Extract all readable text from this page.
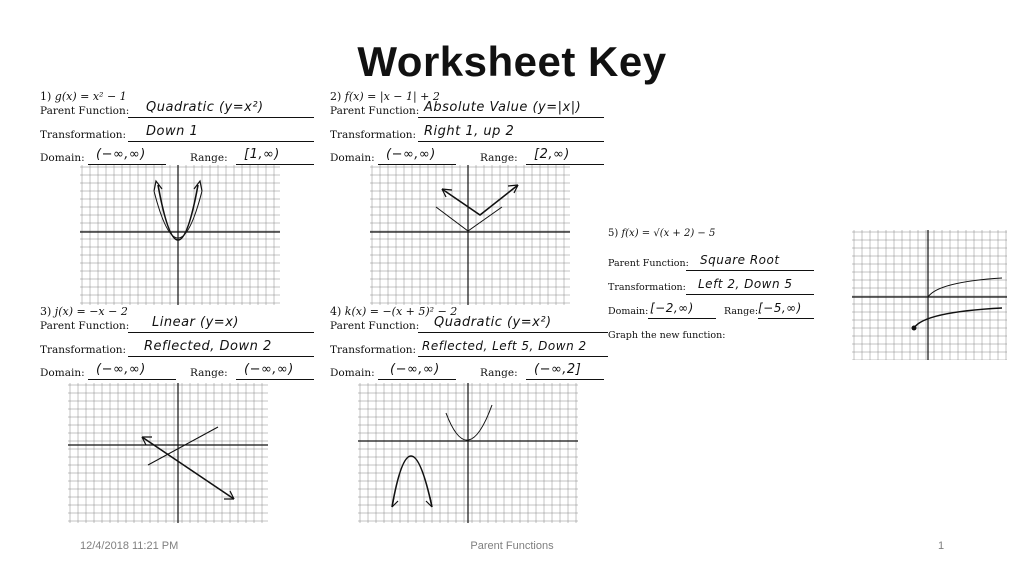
Worksheet Key
1) g(x) = x² − 1
Parent Function: Quadratic (y=x²)
Transformation: Down 1
Domain: (−∞,∞)	Range: [1,∞)
2) f(x) = |x − 1| + 2
Parent Function: Absolute Value (y=|x|)
Transformation: Right 1, up 2
Domain: (−∞,∞)	Range: [2,∞)
3) j(x) = −x − 2
Parent Function: Linear (y=x)
Transformation: Reflected, Down 2
Domain: (−∞,∞)	Range: (−∞,∞)
4) k(x) = −(x + 5)² − 2
Parent Function: Quadratic (y=x²)
Transformation: Reflected, Left 5, Down 2
Domain: (−∞,∞)	Range: (−∞,2]
5) f(x) = √(x + 2) − 5
Parent Function: Square Root
Transformation: Left 2, Down 5
Domain: [−2,∞)	Range: [−5,∞)
Graph the new function:
12/4/2018 11:21 PM	Parent Functions	1
